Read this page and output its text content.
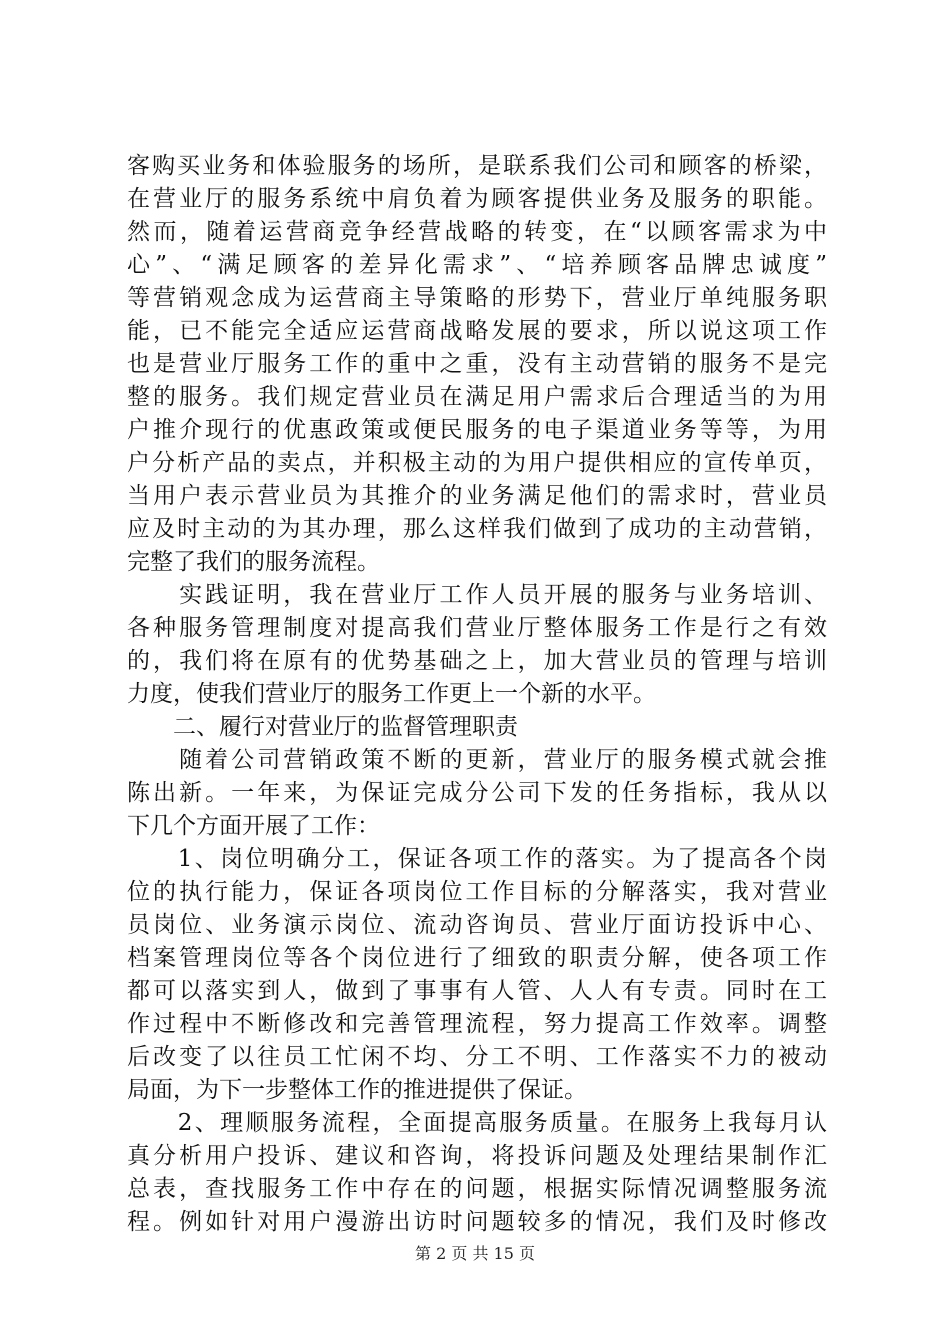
客购买业务和体验服务的场所，是联系我们公司和顾客的桥梁，
在营业厅的服务系统中肩负着为顾客提供业务及服务的职能。
然而，随着运营商竞争经营战略的转变，在“以顾客需求为中
心”、“满足顾客的差异化需求”、“培养顾客品牌忠诚度”
等营销观念成为运营商主导策略的形势下，营业厅单纯服务职
能，已不能完全适应运营商战略发展的要求，所以说这项工作
也是营业厅服务工作的重中之重，没有主动营销的服务不是完
整的服务。我们规定营业员在满足用户需求后合理适当的为用
户推介现行的优惠政策或便民服务的电子渠道业务等等，为用
户分析产品的卖点，并积极主动的为用户提供相应的宣传单页，
当用户表示营业员为其推介的业务满足他们的需求时，营业员
应及时主动的为其办理，那么这样我们做到了成功的主动营销，
完整了我们的服务流程。
　　实践证明，我在营业厅工作人员开展的服务与业务培训、
各种服务管理制度对提高我们营业厅整体服务工作是行之有效
的，我们将在原有的优势基础之上，加大营业员的管理与培训
力度，使我们营业厅的服务工作更上一个新的水平。
　　二、履行对营业厅的监督管理职责
　　随着公司营销政策不断的更新，营业厅的服务模式就会推
陈出新。一年来，为保证完成分公司下发的任务指标，我从以
下几个方面开展了工作：
　　1、岗位明确分工，保证各项工作的落实。为了提高各个岗
位的执行能力，保证各项岗位工作目标的分解落实，我对营业
员岗位、业务演示岗位、流动咨询员、营业厅面访投诉中心、
档案管理岗位等各个岗位进行了细致的职责分解，使各项工作
都可以落实到人，做到了事事有人管、人人有专责。同时在工
作过程中不断修改和完善管理流程，努力提高工作效率。调整
后改变了以往员工忙闲不均、分工不明、工作落实不力的被动
局面，为下一步整体工作的推进提供了保证。
　　2、理顺服务流程，全面提高服务质量。在服务上我每月认
真分析用户投诉、建议和咨询，将投诉问题及处理结果制作汇
总表，查找服务工作中存在的问题，根据实际情况调整服务流
程。例如针对用户漫游出访时问题较多的情况，我们及时修改
第 2 页 共 15 页
